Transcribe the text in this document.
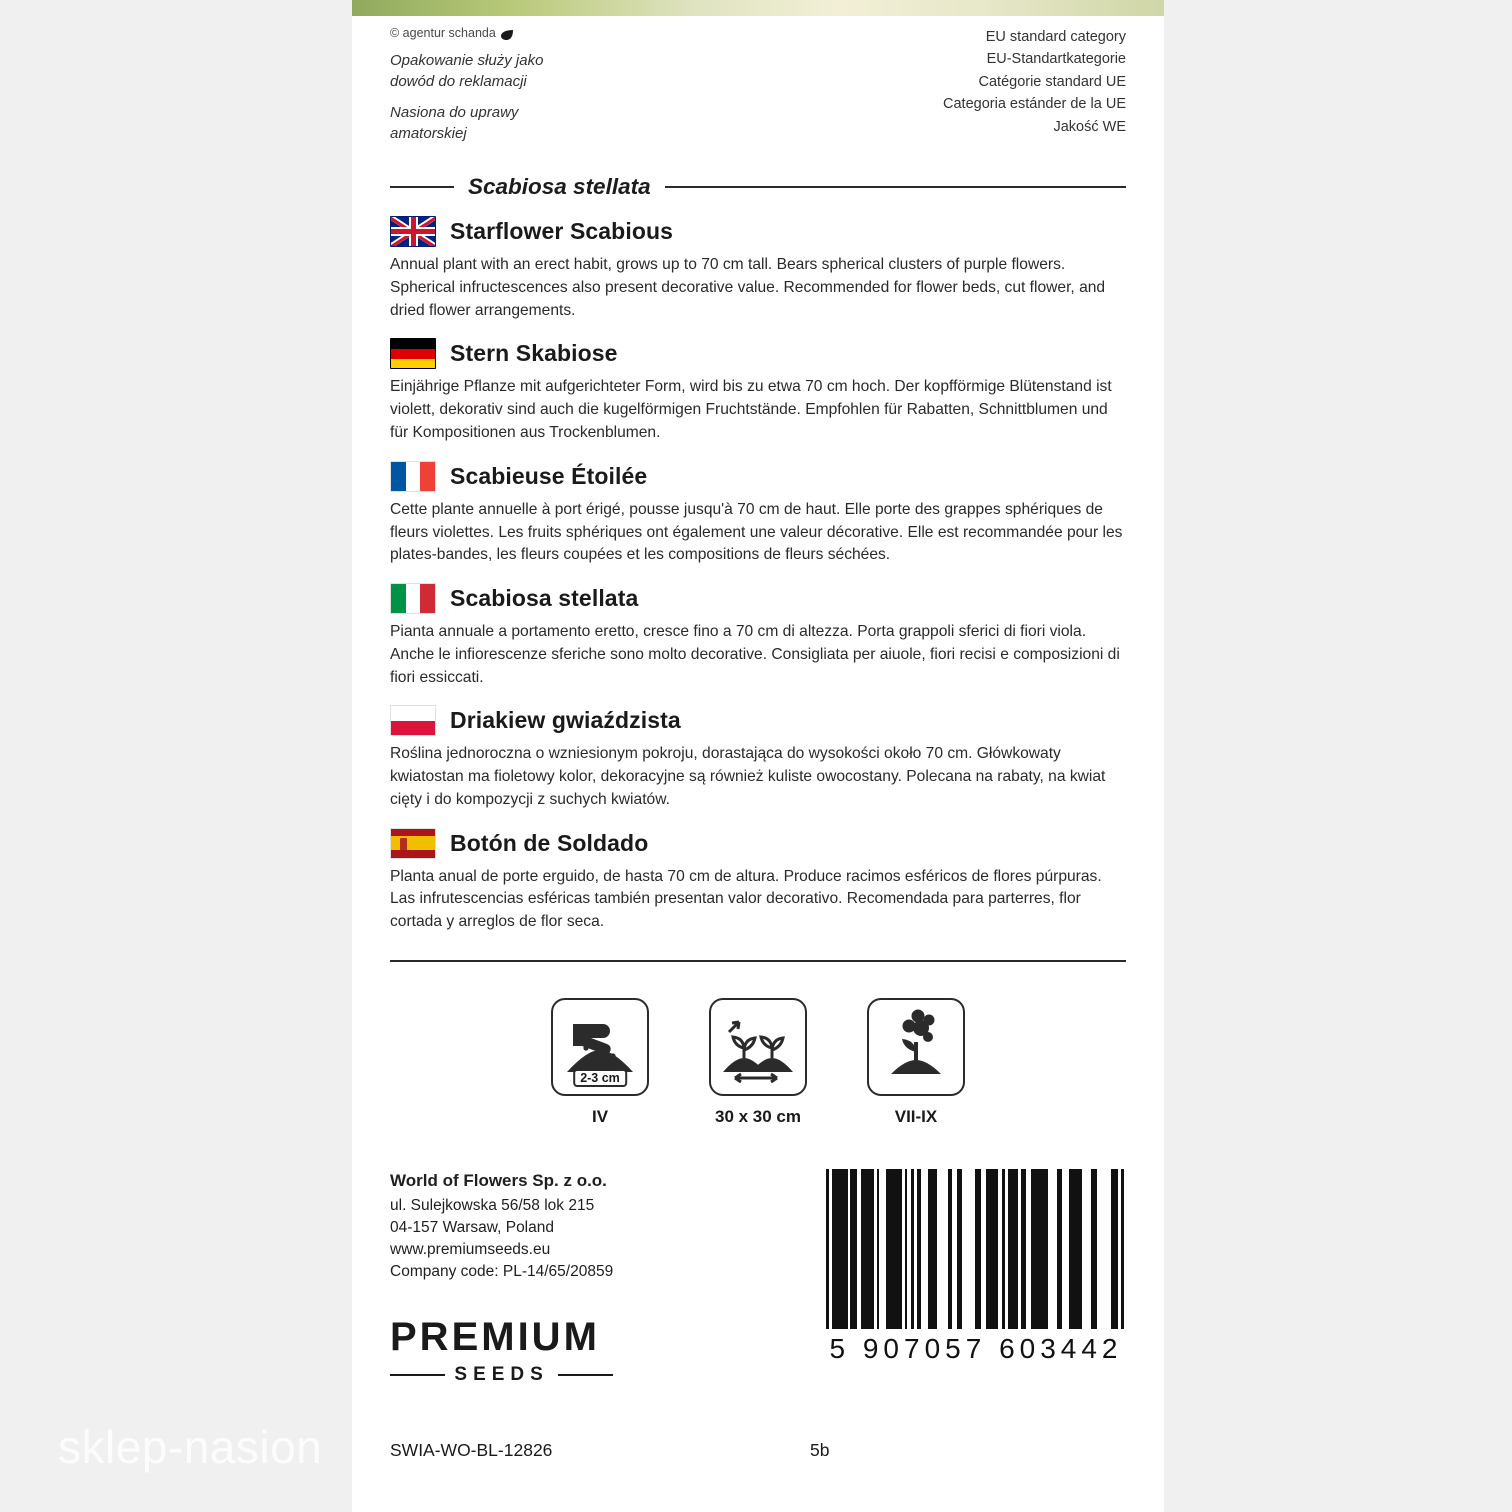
© agentur schanda
Opakowanie służy jako
dowód do reklamacji
Nasiona do uprawy
amatorskiej
EU standard category
EU-Standartkategorie
Catégorie standard UE
Categoria estánder de la UE
Jakość WE
Scabiosa stellata
Starflower Scabious
Annual plant with an erect habit, grows up to 70 cm tall. Bears spherical clusters of purple flowers. Spherical infructescences also present decorative value. Recommended for flower beds, cut flower, and dried flower arrangements.
Stern Skabiose
Einjährige Pflanze mit aufgerichteter Form, wird bis zu etwa 70 cm hoch. Der kopfförmige Blütenstand ist violett, dekorativ sind auch die kugelförmigen Fruchtstände. Empfohlen für Rabatten, Schnittblumen und für Kompositionen aus Trockenblumen.
Scabieuse Étoilée
Cette plante annuelle à port érigé, pousse jusqu'à 70 cm de haut. Elle porte des grappes sphériques de fleurs violettes. Les fruits sphériques ont également une valeur décorative. Elle est recommandée pour les plates-bandes, les fleurs coupées et les compositions de fleurs séchées.
Scabiosa stellata
Pianta annuale a portamento eretto, cresce fino a 70 cm di altezza. Porta grappoli sferici di fiori viola. Anche le infiorescenze sferiche sono molto decorative. Consigliata per aiuole, fiori recisi e composizioni di fiori essiccati.
Driakiew gwiaździsta
Roślina jednoroczna o wzniesionym pokroju, dorastająca do wysokości około 70 cm. Główkowaty kwiatostan ma fioletowy kolor, dekoracyjne są również kuliste owocostany. Polecana na rabaty, na kwiat cięty i do kompozycji z suchych kwiatów.
Botón de Soldado
Planta anual de porte erguido, de hasta 70 cm de altura. Produce racimos esféricos de flores púrpuras. Las infrutescencias esféricas también presentan valor decorativo. Recomendada para parterres, flor cortada y arreglos de flor seca.
2-3 cm
IV	30 x 30 cm	VII-IX
World of Flowers Sp. z o.o.
ul. Sulejkowska 56/58 lok 215
04-157 Warsaw, Poland
www.premiumseeds.eu
Company code: PL-14/65/20859
PREMIUM
SEEDS
5 907057 603442
SWIA-WO-BL-12826	5b
sklep-nasion
